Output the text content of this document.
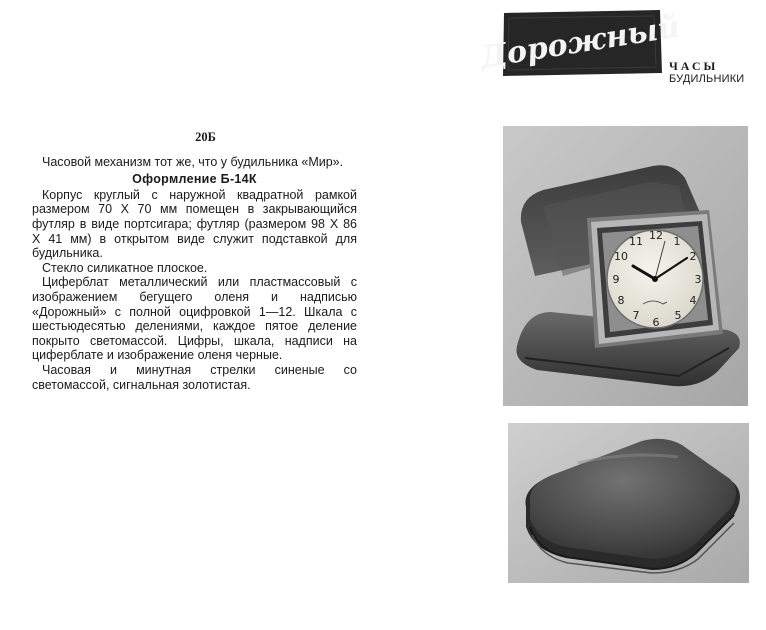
Дорожный
ЧАСЫ
БУДИЛЬНИКИ
20Б

Часовой механизм тот же, что у будильника «Мир».

Оформление Б-14К

Корпус круглый с наружной квадратной рамкой размером 70 X 70 мм помещен в закрывающийся футляр в виде портсигара; футляр (размером 98 X 86 X 41 мм) в открытом виде служит подставкой для будильника.

Стекло силикатное плоское.

Циферблат металлический или пластмассовый с изображением бегущего оленя и надписью «Дорожный» с полной оцифровкой 1—12. Шкала с шестьюдесятью делениями, каждое пятое деление покрыто светомассой. Цифры, шкала, надписи на циферблате и изображение оленя черные.

Часовая и минутная стрелки синеные со светомассой, сигнальная золотистая.

12 1
2
3
4
5
6
7
8
9
10
11
